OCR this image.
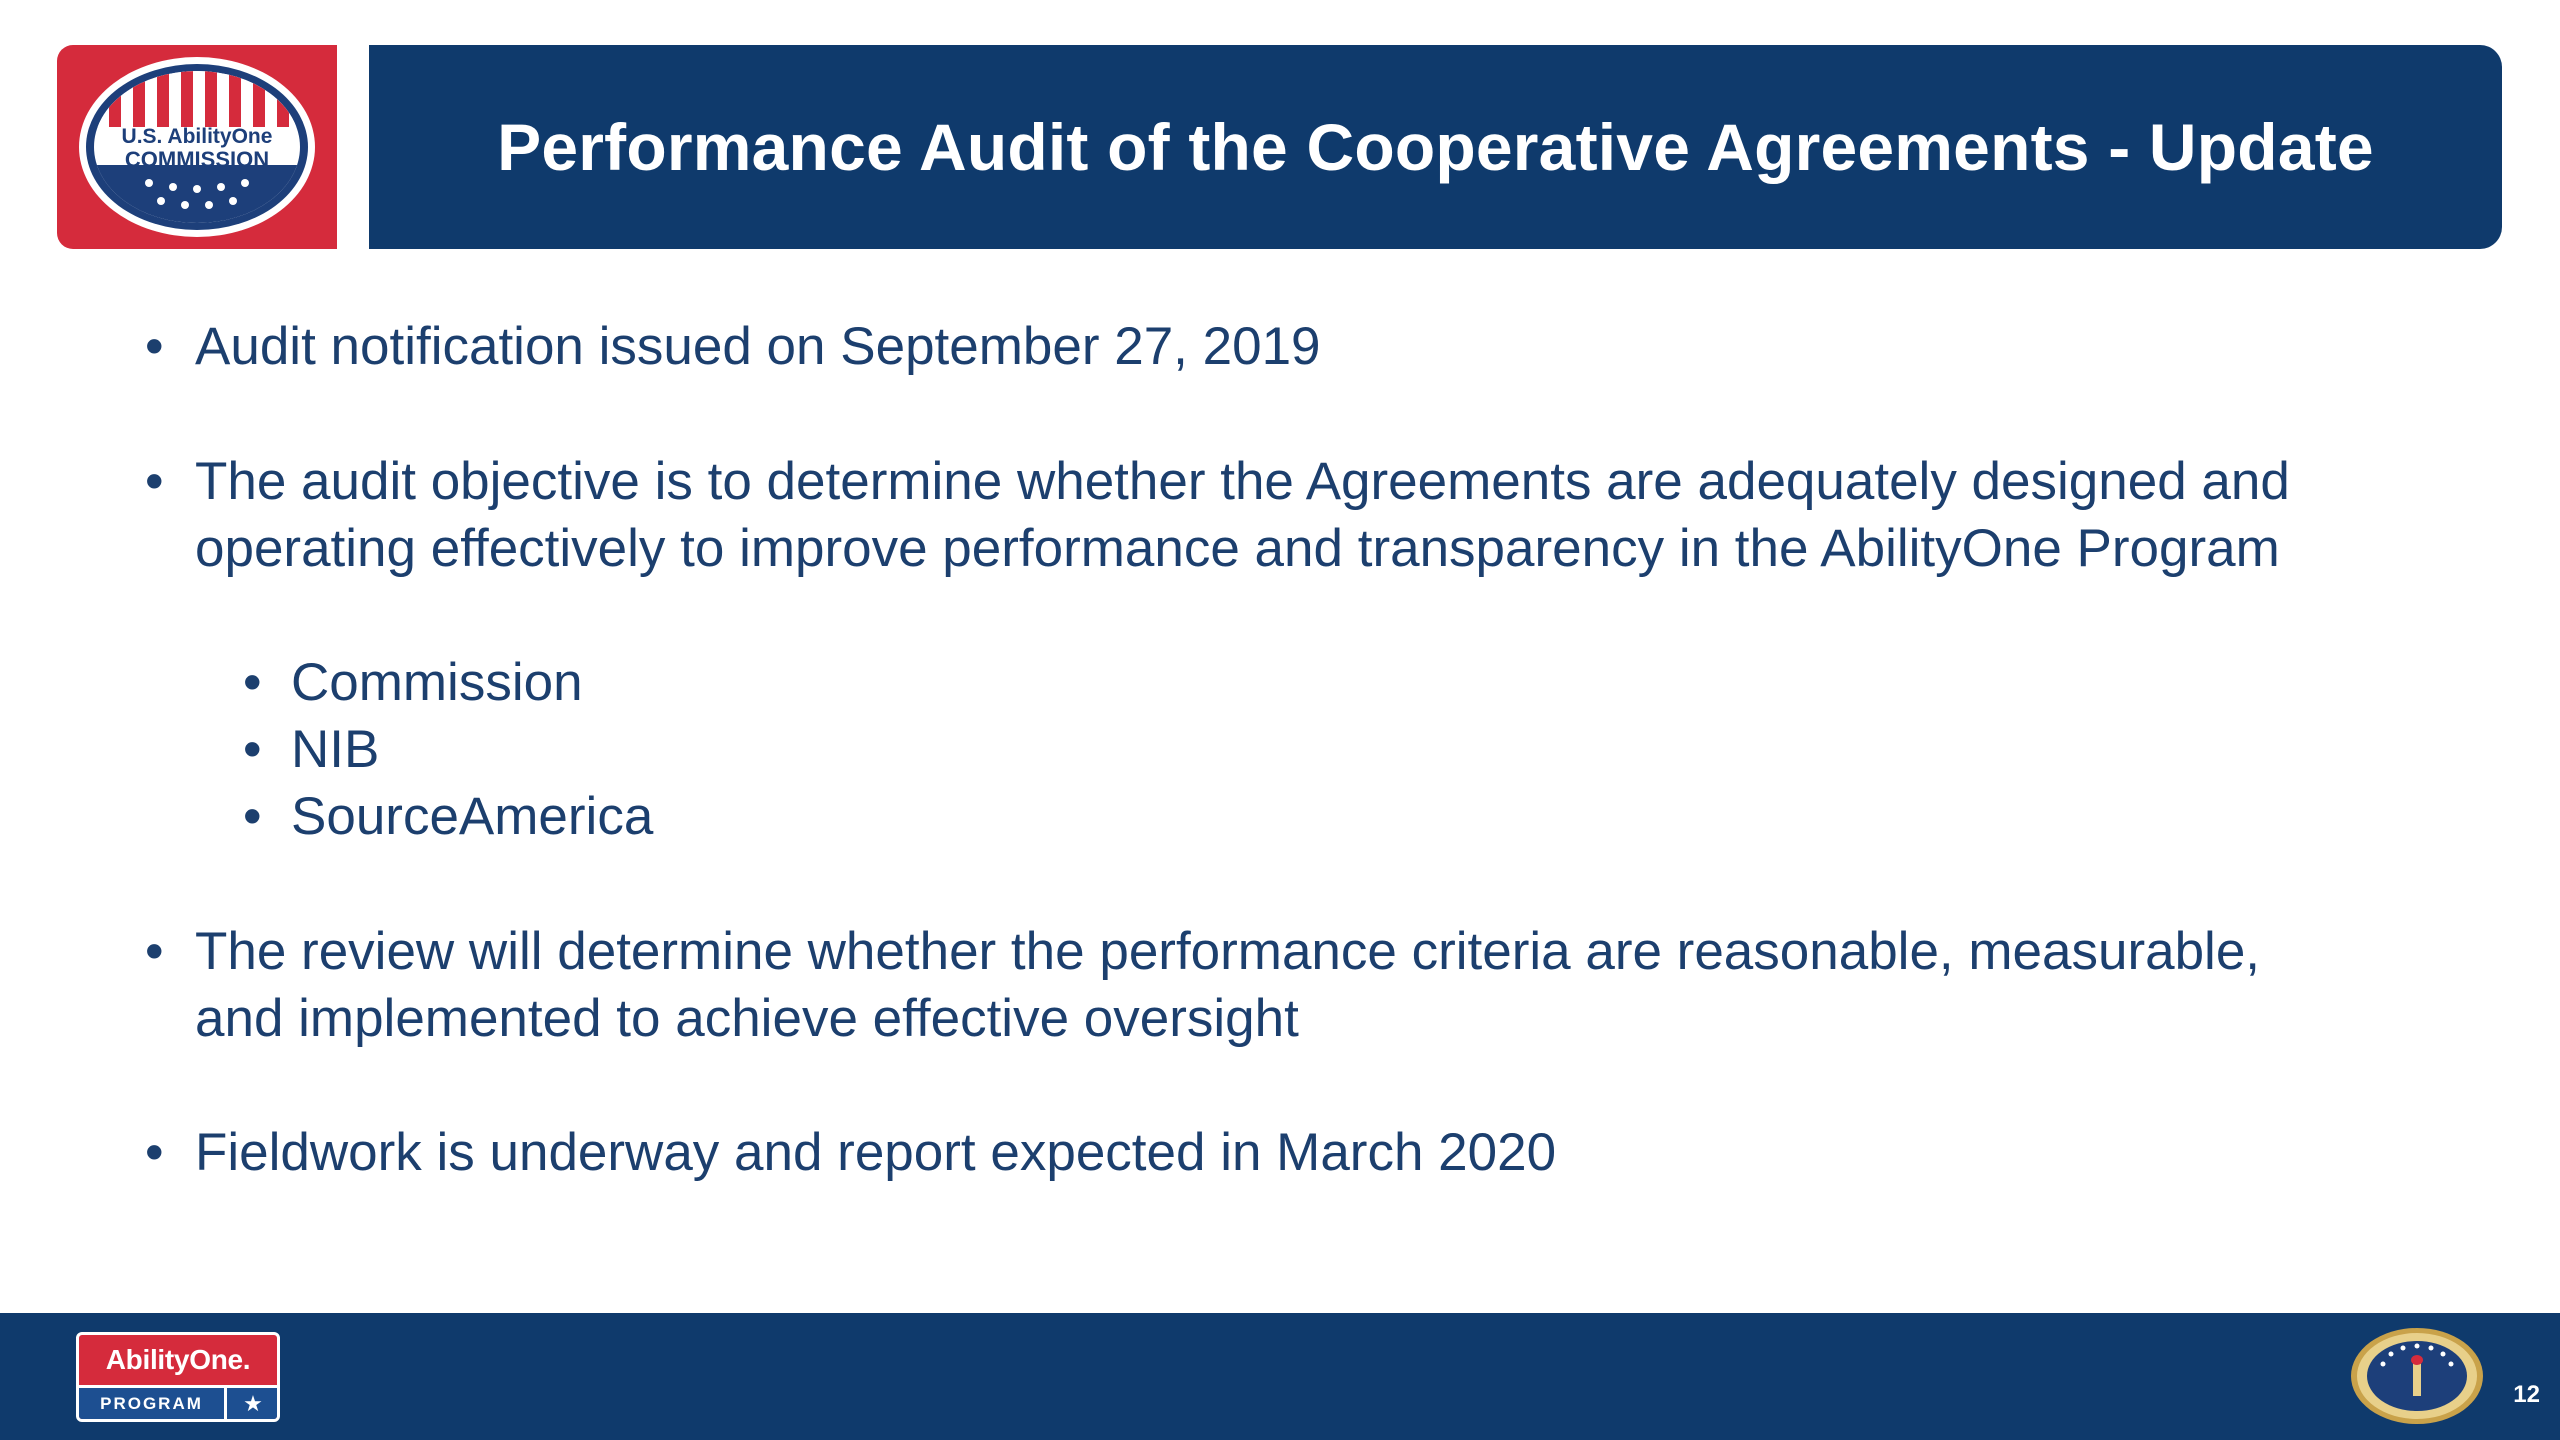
U.S. AbilityOne
COMMISSION	Performance Audit of the Cooperative Agreements - Update
• Audit notification issued on September 27, 2019
• The audit objective is to determine whether the Agreements are adequately designed and
operating effectively to improve performance and transparency in the AbilityOne Program
• Commission
• NIB
• SourceAmerica
• The review will determine whether the performance criteria are reasonable, measurable,
and implemented to achieve effective oversight
• Fieldwork is underway and report expected in March 2020
AbilityOne.
PROGRAM	★	12
